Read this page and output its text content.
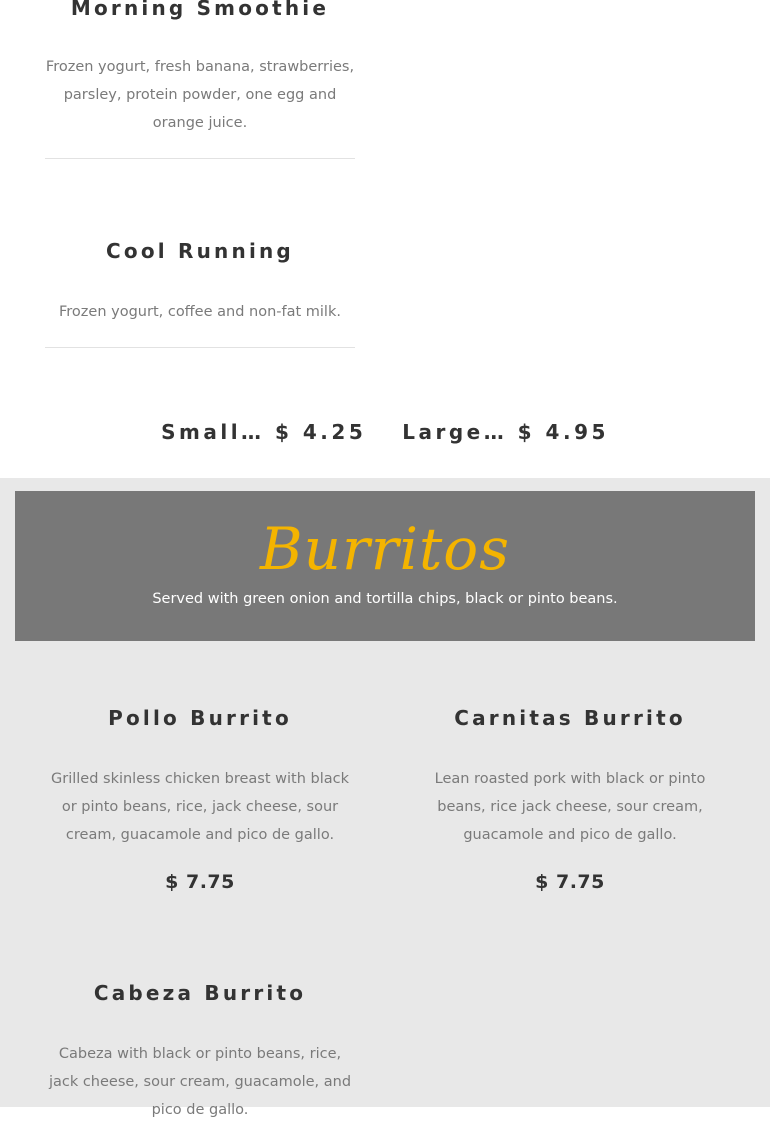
Morning Smoothie
Frozen yogurt, fresh banana, strawberries, parsley, protein powder, one egg and orange juice.
Cool Running
Frozen yogurt, coffee and non-fat milk.
Small… $ 4.25 Large… $ 4.95
Burritos
Served with green onion and tortilla chips, black or pinto beans.
Pollo Burrito
Grilled skinless chicken breast with black or pinto beans, rice, jack cheese, sour cream, guacamole and pico de gallo.
$ 7.75
Carnitas Burrito
Lean roasted pork with black or pinto beans, rice jack cheese, sour cream, guacamole and pico de gallo.
$ 7.75
Cabeza Burrito
Cabeza with black or pinto beans, rice, jack cheese, sour cream, guacamole, and pico de gallo.
